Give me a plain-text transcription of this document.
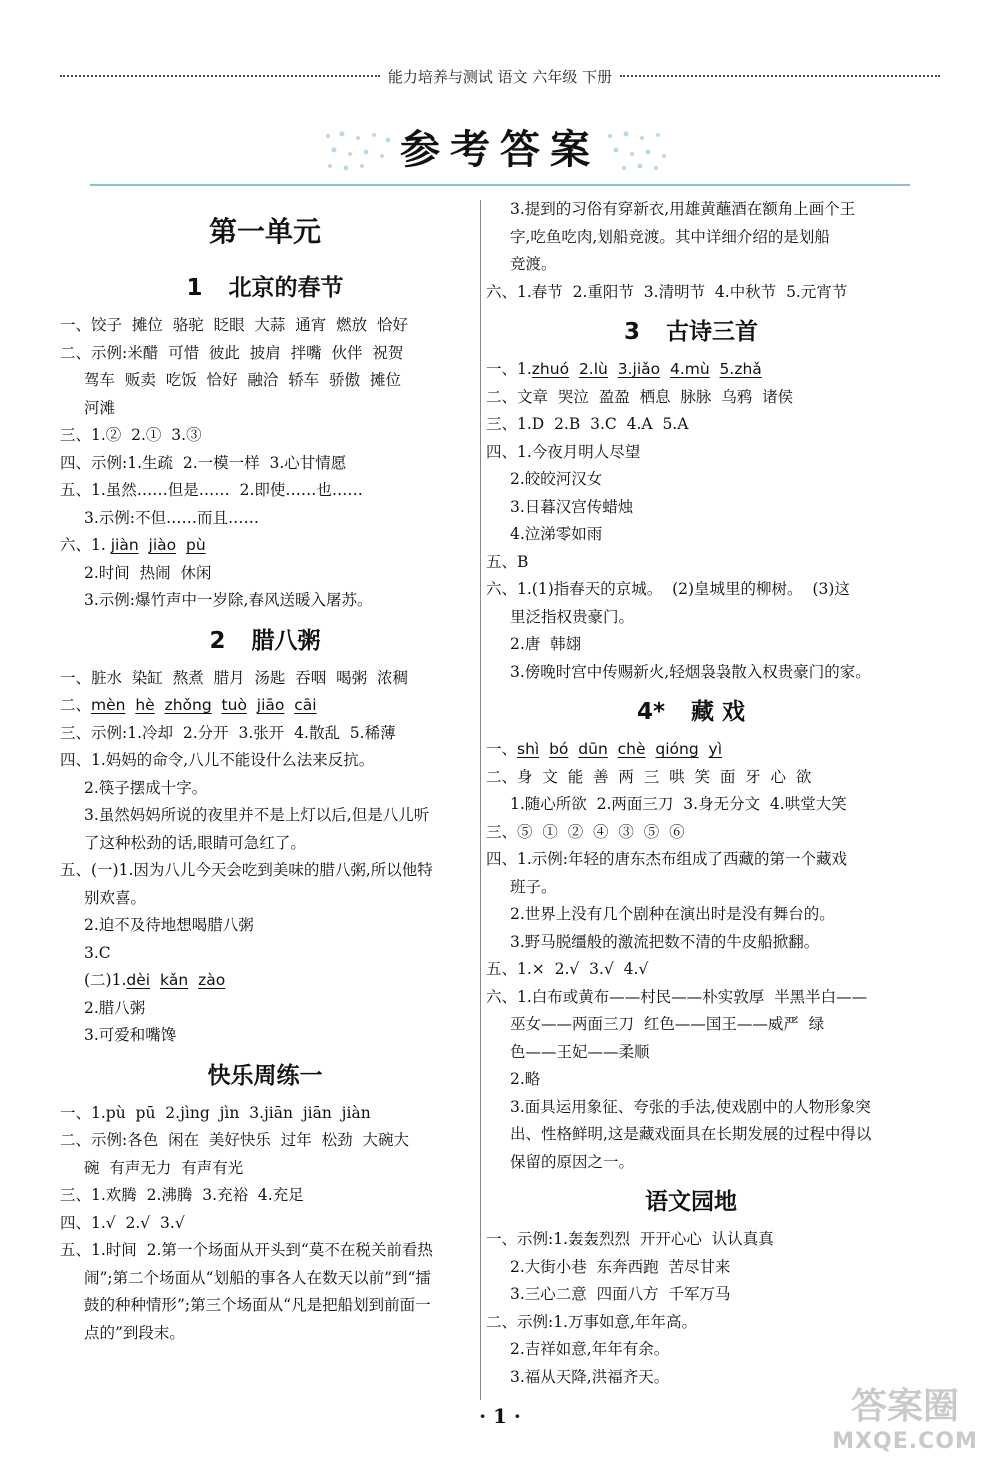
能力培养与测试 语文 六年级 下册
参考答案
第一单元
1 北京的春节
一、饺子  摊位  骆驼  眨眼  大蒜  通宵  燃放  恰好
二、示例:米醋  可惜  彼此  披肩  拌嘴  伙伴  祝贺
驾车  贩卖  吃饭  恰好  融洽  轿车  骄傲  摊位
河滩
三、1.②  2.①  3.③
四、示例:1.生疏  2.一模一样  3.心甘情愿
五、1.虽然……但是……  2.即使……也……
3.示例:不但……而且……
六、1. jiàn jiào pù
2.时间  热闹  休闲
3.示例:爆竹声中一岁除,春风送暖入屠苏。
2 腊八粥
一、脏水  染缸  熬煮  腊月  汤匙  吞咽  喝粥  浓稠
二、mèn hè zhǒng tuò jiāo cāi
三、示例:1.冷却  2.分开  3.张开  4.散乱  5.稀薄
四、1.妈妈的命令,八儿不能设什么法来反抗。
2.筷子摆成十字。
3.虽然妈妈所说的夜里并不是上灯以后,但是八儿听
了这种松劲的话,眼睛可急红了。
五、(一)1.因为八儿今天会吃到美味的腊八粥,所以他特
别欢喜。
2.迫不及待地想喝腊八粥
3.C
(二)1.dèi kǎn zào
2.腊八粥
3.可爱和嘴馋
快乐周练一
一、1.pù  pū  2.jìng  jìn  3.jiān  jiān  jiàn
二、示例:各色  闲在  美好快乐  过年  松劲  大碗大
碗  有声无力  有声有光
三、1.欢腾  2.沸腾  3.充裕  4.充足
四、1.√  2.√  3.√
五、1.时间  2.第一个场面从开头到“莫不在税关前看热
闹”;第二个场面从“划船的事各人在数天以前”到“擂
鼓的种种情形”;第三个场面从“凡是把船划到前面一
点的”到段末。
3.提到的习俗有穿新衣,用雄黄蘸酒在额角上画个王
字,吃鱼吃肉,划船竞渡。其中详细介绍的是划船
竞渡。
六、1.春节  2.重阳节  3.清明节  4.中秋节  5.元宵节
3 古诗三首
一、1.zhuó 2.lù 3.jiǎo 4.mù 5.zhǎ
二、文章  哭泣  盈盈  栖息  脉脉  乌鸦  诸侯
三、1.D  2.B  3.C  4.A  5.A
四、1.今夜月明人尽望
2.皎皎河汉女
3.日暮汉宫传蜡烛
4.泣涕零如雨
五、B
六、1.(1)指春天的京城。  (2)皇城里的柳树。  (3)这
里泛指权贵豪门。
2.唐  韩翃
3.傍晚时宫中传赐新火,轻烟袅袅散入权贵豪门的家。
4* 藏 戏
一、shì bó dūn chè qióng yì
二、身  文  能  善  两  三  哄  笑  面  牙  心  欲
1.随心所欲  2.两面三刀  3.身无分文  4.哄堂大笑
三、⑤  ①  ②  ④  ③  ⑤  ⑥
四、1.示例:年轻的唐东杰布组成了西藏的第一个藏戏
班子。
2.世界上没有几个剧种在演出时是没有舞台的。
3.野马脱缰般的激流把数不清的牛皮船掀翻。
五、1.×  2.√  3.√  4.√
六、1.白布或黄布——村民——朴实敦厚  半黑半白——
巫女——两面三刀  红色——国王——威严  绿
色——王妃——柔顺
2.略
3.面具运用象征、夸张的手法,使戏剧中的人物形象突
出、性格鲜明,这是藏戏面具在长期发展的过程中得以
保留的原因之一。
语文园地
一、示例:1.轰轰烈烈  开开心心  认认真真
2.大街小巷  东奔西跑  苦尽甘来
3.三心二意  四面八方  千军万马
二、示例:1.万事如意,年年高。
2.吉祥如意,年年有余。
3.福从天降,洪福齐天。
· 1 ·	答案圈
MXQE.COM
